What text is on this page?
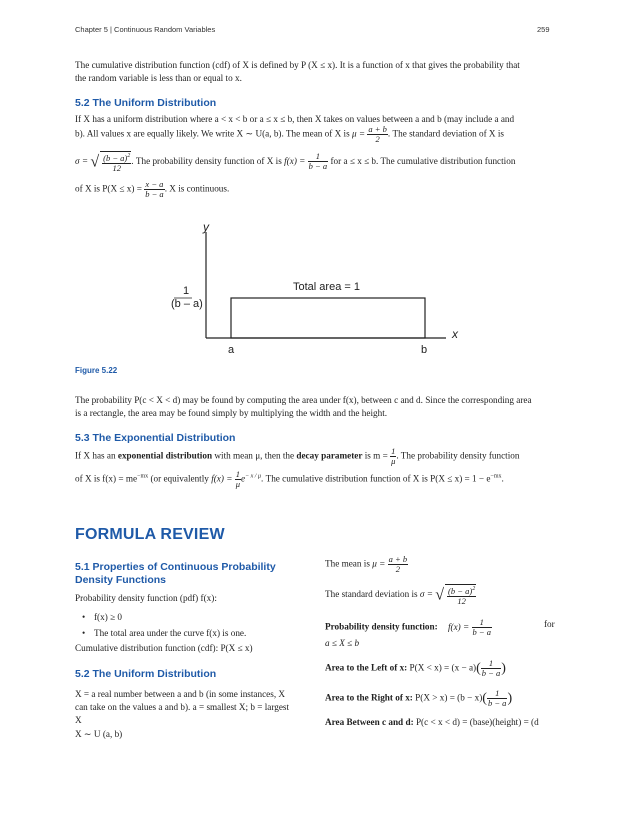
Chapter 5 | Continuous Random Variables	259
The cumulative distribution function (cdf) of X is defined by P (X ≤ x). It is a function of x that gives the probability that
the random variable is less than or equal to x.
5.2 The Uniform Distribution
If X has a uniform distribution where a < x < b or a ≤ x ≤ b, then X takes on values between a and b (may include a and
b). All values x are equally likely. We write X ∼ U(a, b). The mean of X is $\mu = \frac{a + b}{2}$ . The standard deviation of X is
σ = √ $\frac{(b - a)^2}{12}$ . The probability density function of X is $f(x) = \frac{1}{b - a}$ for a ≤ x ≤ b. The cumulative distribution function
of X is $P(X \le x) = \frac{x - a}{b - a}$ . X is continuous.
y
x
1
(b – a)
Total area = 1
a	b
Figure 5.22
The probability P(c < X < d) may be found by computing the area under f(x), between c and d. Since the corresponding area
is a rectangle, the area may be found simply by multiplying the width and the height.
5.3 The Exponential Distribution
If X has an exponential distribution with mean μ, then the decay parameter is $m = \frac{1}{\mu}$ . The probability density function
of X is $f(x) = me^{-mx}$ (or equivalently $f(x) = \frac{1}{\mu} e^{- x / \mu}$. The cumulative distribution function of X is $P(X \le x) = 1 - e^{-mx}$.
FORMULA REVIEW
5.1 Properties of Continuous Probability
Density Functions
Probability density function (pdf) f(x):
• f(x) ≥ 0
• The total area under the curve f(x) is one.
Cumulative distribution function (cdf): P(X ≤ x)
5.2 The Uniform Distribution
X = a real number between a and b (in some instances, X
can take on the values a and b). a = smallest X; b = largest
X
X ∼ U (a, b)
The mean is $\mu = \frac{a + b}{2}$
The standard deviation is σ = √ $\frac{(b - a)^2}{12}$
Probability density function: $f(x) = \frac{1}{b - a}$	for
a ≤ X ≤ b
Area to the Left of x: $P(X < x) = (x - a)( \frac{1}{b - a}$ )
Area to the Right of x: $P(X > x) = (b - x)( \frac{1}{b - a}$ )
Area Between c and d: P(c < x < d) = (base)(height) = (d
